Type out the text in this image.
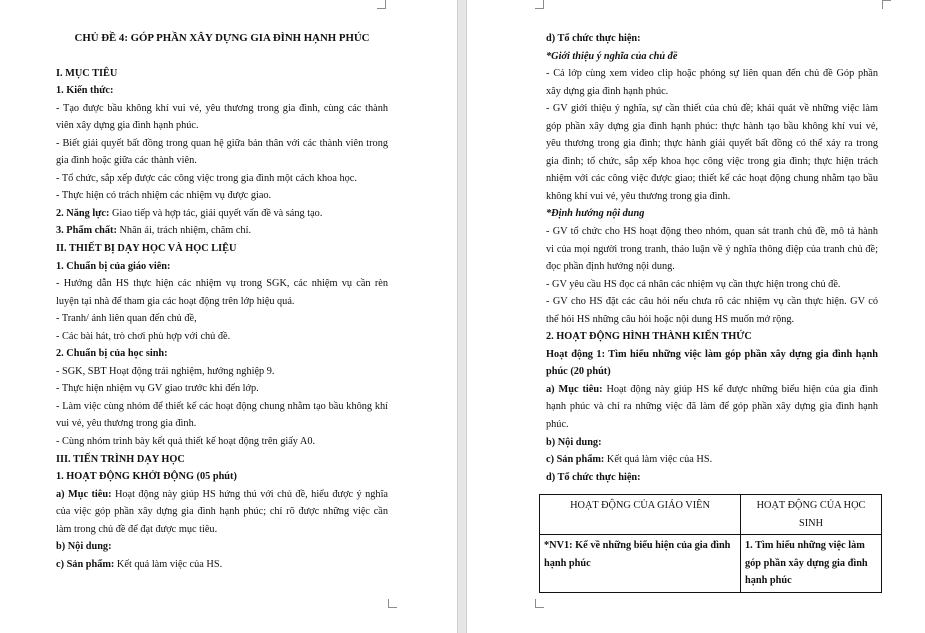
CHỦ ĐỀ 4: GÓP PHẦN XÂY DỰNG GIA ĐÌNH HẠNH PHÚC
I. MỤC TIÊU
1. Kiến thức:
- Tạo được bầu không khí vui vẻ, yêu thương trong gia đình, cùng các thành
viên xây dựng gia đình hạnh phúc.
- Biết giải quyết bất đồng trong quan hệ giữa bản thân với các thành viên trong
gia đình hoặc giữa các thành viên.
- Tổ chức, sắp xếp được các công việc trong gia đình một cách khoa học.
- Thực hiện có trách nhiệm các nhiệm vụ được giao.
2. Năng lực: Giao tiếp và hợp tác, giải quyết vấn đề và sáng tạo.
3. Phẩm chất: Nhân ái, trách nhiệm, chăm chỉ.
II. THIẾT BỊ DẠY HỌC VÀ HỌC LIỆU
1. Chuẩn bị của giáo viên:
- Hướng dẫn HS thực hiện các nhiệm vụ trong SGK, các nhiệm vụ cần rèn
luyện tại nhà để tham gia các hoạt động trên lớp hiệu quả.
- Tranh/ ảnh liên quan đến chủ đề,
- Các bài hát, trò chơi phù hợp với chủ đề.
2. Chuẩn bị của học sinh:
- SGK, SBT Hoạt động trải nghiệm, hướng nghiệp 9.
- Thực hiện nhiệm vụ GV giao trước khi đến lớp.
- Làm việc cùng nhóm để thiết kế các hoạt động chung nhằm tạo bầu không khí
vui vẻ, yêu thương trong gia đình.
- Cùng nhóm trình bày kết quả thiết kế hoạt động trên giấy A0.
III. TIẾN TRÌNH DẠY HỌC
1. HOẠT ĐỘNG KHỞI ĐỘNG (05 phút)
a) Mục tiêu: Hoạt động này giúp HS hứng thú với chủ đề, hiểu được ý nghĩa
của việc góp phần xây dựng gia đình hạnh phúc; chỉ rõ được những việc cần
làm trong chủ đề để đạt được mục tiêu.
b) Nội dung:
c) Sản phẩm: Kết quả làm việc của HS.
d) Tổ chức thực hiện:
*Giới thiệu ý nghĩa của chủ đề
- Cả lớp cùng xem video clip hoặc phóng sự liên quan đến chủ đề Góp phần
xây dựng gia đình hạnh phúc.
- GV giới thiệu ý nghĩa, sự cần thiết của chủ đề; khái quát về những việc làm
góp phần xây dựng gia đình hạnh phúc: thực hành tạo bầu không khí vui vẻ,
yêu thương trong gia đình; thực hành giải quyết bất đồng có thể xảy ra trong
gia đình; tổ chức, sắp xếp khoa học công việc trong gia đình; thực hiện trách
nhiệm với các công việc được giao; thiết kế các hoạt động chung nhằm tạo bầu
không khí vui vẻ, yêu thương trong gia đình.
*Định hướng nội dung
- GV tổ chức cho HS hoạt động theo nhóm, quan sát tranh chủ đề, mô tả hành
vi của mọi người trong tranh, thảo luận về ý nghĩa thông điệp của tranh chủ đề;
đọc phần định hướng nội dung.
- GV yêu cầu HS đọc cá nhân các nhiệm vụ cần thực hiện trong chủ đề.
- GV cho HS đặt các câu hỏi nếu chưa rõ các nhiệm vụ cần thực hiện. GV có
thể hỏi HS những câu hỏi hoặc nội dung HS muốn mở rộng.
2. HOẠT ĐỘNG HÌNH THÀNH KIẾN THỨC
Hoạt động 1: Tìm hiểu những việc làm góp phần xây dựng gia đình hạnh
phúc (20 phút)
a) Mục tiêu: Hoạt động này giúp HS kể được những biểu hiện của gia đình
hạnh phúc và chỉ ra những việc đã làm để góp phần xây dựng gia đình hạnh
phúc.
b) Nội dung:
c) Sản phẩm: Kết quả làm việc của HS.
d) Tổ chức thực hiện:
HOẠT ĐỘNG CỦA GIÁO VIÊN	HOẠT ĐỘNG CỦA HỌC SINH
*NV1: Kể về những biểu hiện của gia đình hạnh phúc	1. Tìm hiểu những việc làm góp phần xây dựng gia đình hạnh phúc
